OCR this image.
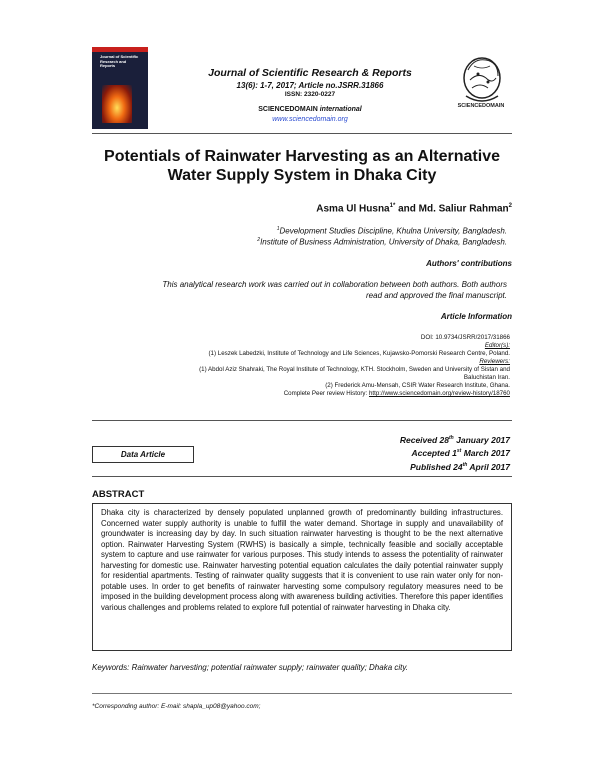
Journal of Scientific Research and Reports
Journal of Scientific Research & Reports
13(6): 1-7, 2017; Article no.JSRR.31866
ISSN: 2320-0227
SCIENCEDOMAIN international
www.sciencedomain.org
SCIENCEDOMAIN
Potentials of Rainwater Harvesting as an Alternative
Water Supply System in Dhaka City
Asma Ul Husna$^{1*}$ and Md. Saliur Rahman$^2$
$^1$Development Studies Discipline, Khulna University, Bangladesh.
$^2$Institute of Business Administration, University of Dhaka, Bangladesh.
Authors' contributions
This analytical research work was carried out in collaboration between both authors. Both authors
read and approved the final manuscript.
Article Information
DOI: 10.9734/JSRR/2017/31866
Editor(s):
(1) Leszek Labedzki, Institute of Technology and Life Sciences, Kujawsko-Pomorski Research Centre, Poland.
Reviewers:
(1) Abdol Aziz Shahraki, The Royal Institute of Technology, KTH. Stockholm, Sweden and University of Sistan and
Baluchistan Iran.
(2) Frederick Amu-Mensah, CSIR Water Research Institute, Ghana.
Complete Peer review History: http://www.sciencedomain.org/review-history/18760
Data Article
Received 28th January 2017
Accepted 1st March 2017
Published 24th April 2017
ABSTRACT

Dhaka city is characterized by densely populated unplanned growth of predominantly building infrastructures. Concerned water supply authority is unable to fulfill the water demand. Shortage in supply and unavailability of groundwater is increasing day by day. In such situation rainwater harvesting is thought to be the next alternative option. Rainwater Harvesting System (RWHS) is basically a simple, technically feasible and socially acceptable system to capture and use rainwater for various purposes. This study intends to assess the potentiality of rainwater harvesting for domestic use. Rainwater harvesting potential equation calculates the daily potential rainwater supply for residential apartments. Testing of rainwater quality suggests that it is convenient to use rain water only for non-potable uses. In order to get benefits of rainwater harvesting some compulsory regulatory measures need to be imposed in the building development process along with awareness building activities. Therefore this paper identifies various challenges and problems related to explore full potential of rainwater harvesting in Dhaka city.

Keywords: Rainwater harvesting; potential rainwater supply; rainwater quality; Dhaka city.
*Corresponding author: E-mail: shapla_up08@yahoo.com;
